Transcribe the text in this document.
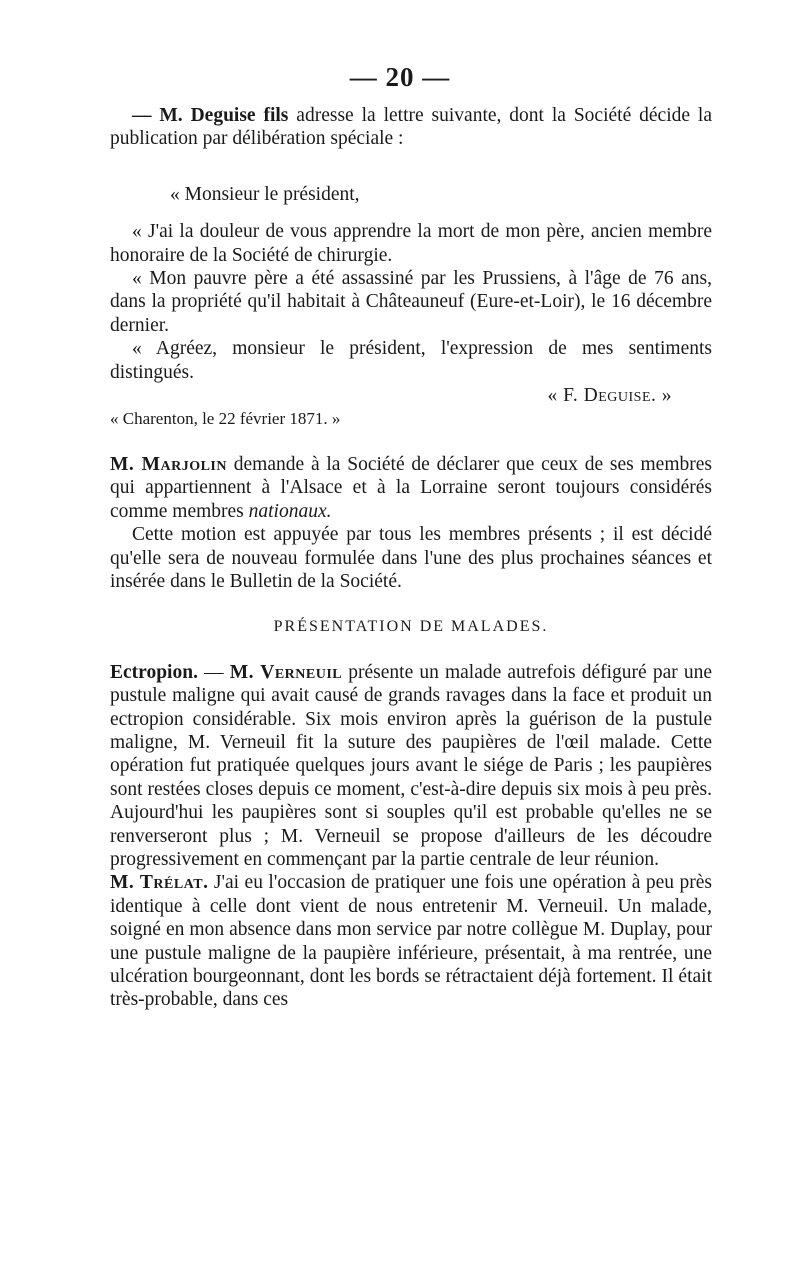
— 20 —

— M. Deguise fils adresse la lettre suivante, dont la Société décide la publication par délibération spéciale :

« Monsieur le président,

« J'ai la douleur de vous apprendre la mort de mon père, ancien membre honoraire de la Société de chirurgie.

« Mon pauvre père a été assassiné par les Prussiens, à l'âge de 76 ans, dans la propriété qu'il habitait à Châteauneuf (Eure-et-Loir), le 16 décembre dernier.

« Agréez, monsieur le président, l'expression de mes sentiments distingués.

« F. Deguise. »

« Charenton, le 22 février 1871. »

M. Marjolin demande à la Société de déclarer que ceux de ses membres qui appartiennent à l'Alsace et à la Lorraine seront toujours considérés comme membres nationaux.

Cette motion est appuyée par tous les membres présents ; il est décidé qu'elle sera de nouveau formulée dans l'une des plus prochaines séances et insérée dans le Bulletin de la Société.

PRÉSENTATION DE MALADES.

Ectropion. — M. Verneuil présente un malade autrefois défiguré par une pustule maligne qui avait causé de grands ravages dans la face et produit un ectropion considérable. Six mois environ après la guérison de la pustule maligne, M. Verneuil fit la suture des paupières de l'œil malade. Cette opération fut pratiquée quelques jours avant le siége de Paris ; les paupières sont restées closes depuis ce moment, c'est-à-dire depuis six mois à peu près. Aujourd'hui les paupières sont si souples qu'il est probable qu'elles ne se renverseront plus ; M. Verneuil se propose d'ailleurs de les découdre progressivement en commençant par la partie centrale de leur réunion.

M. Trélat. J'ai eu l'occasion de pratiquer une fois une opération à peu près identique à celle dont vient de nous entretenir M. Verneuil. Un malade, soigné en mon absence dans mon service par notre collègue M. Duplay, pour une pustule maligne de la paupière inférieure, présentait, à ma rentrée, une ulcération bourgeonnant, dont les bords se rétractaient déjà fortement. Il était très-probable, dans ces
